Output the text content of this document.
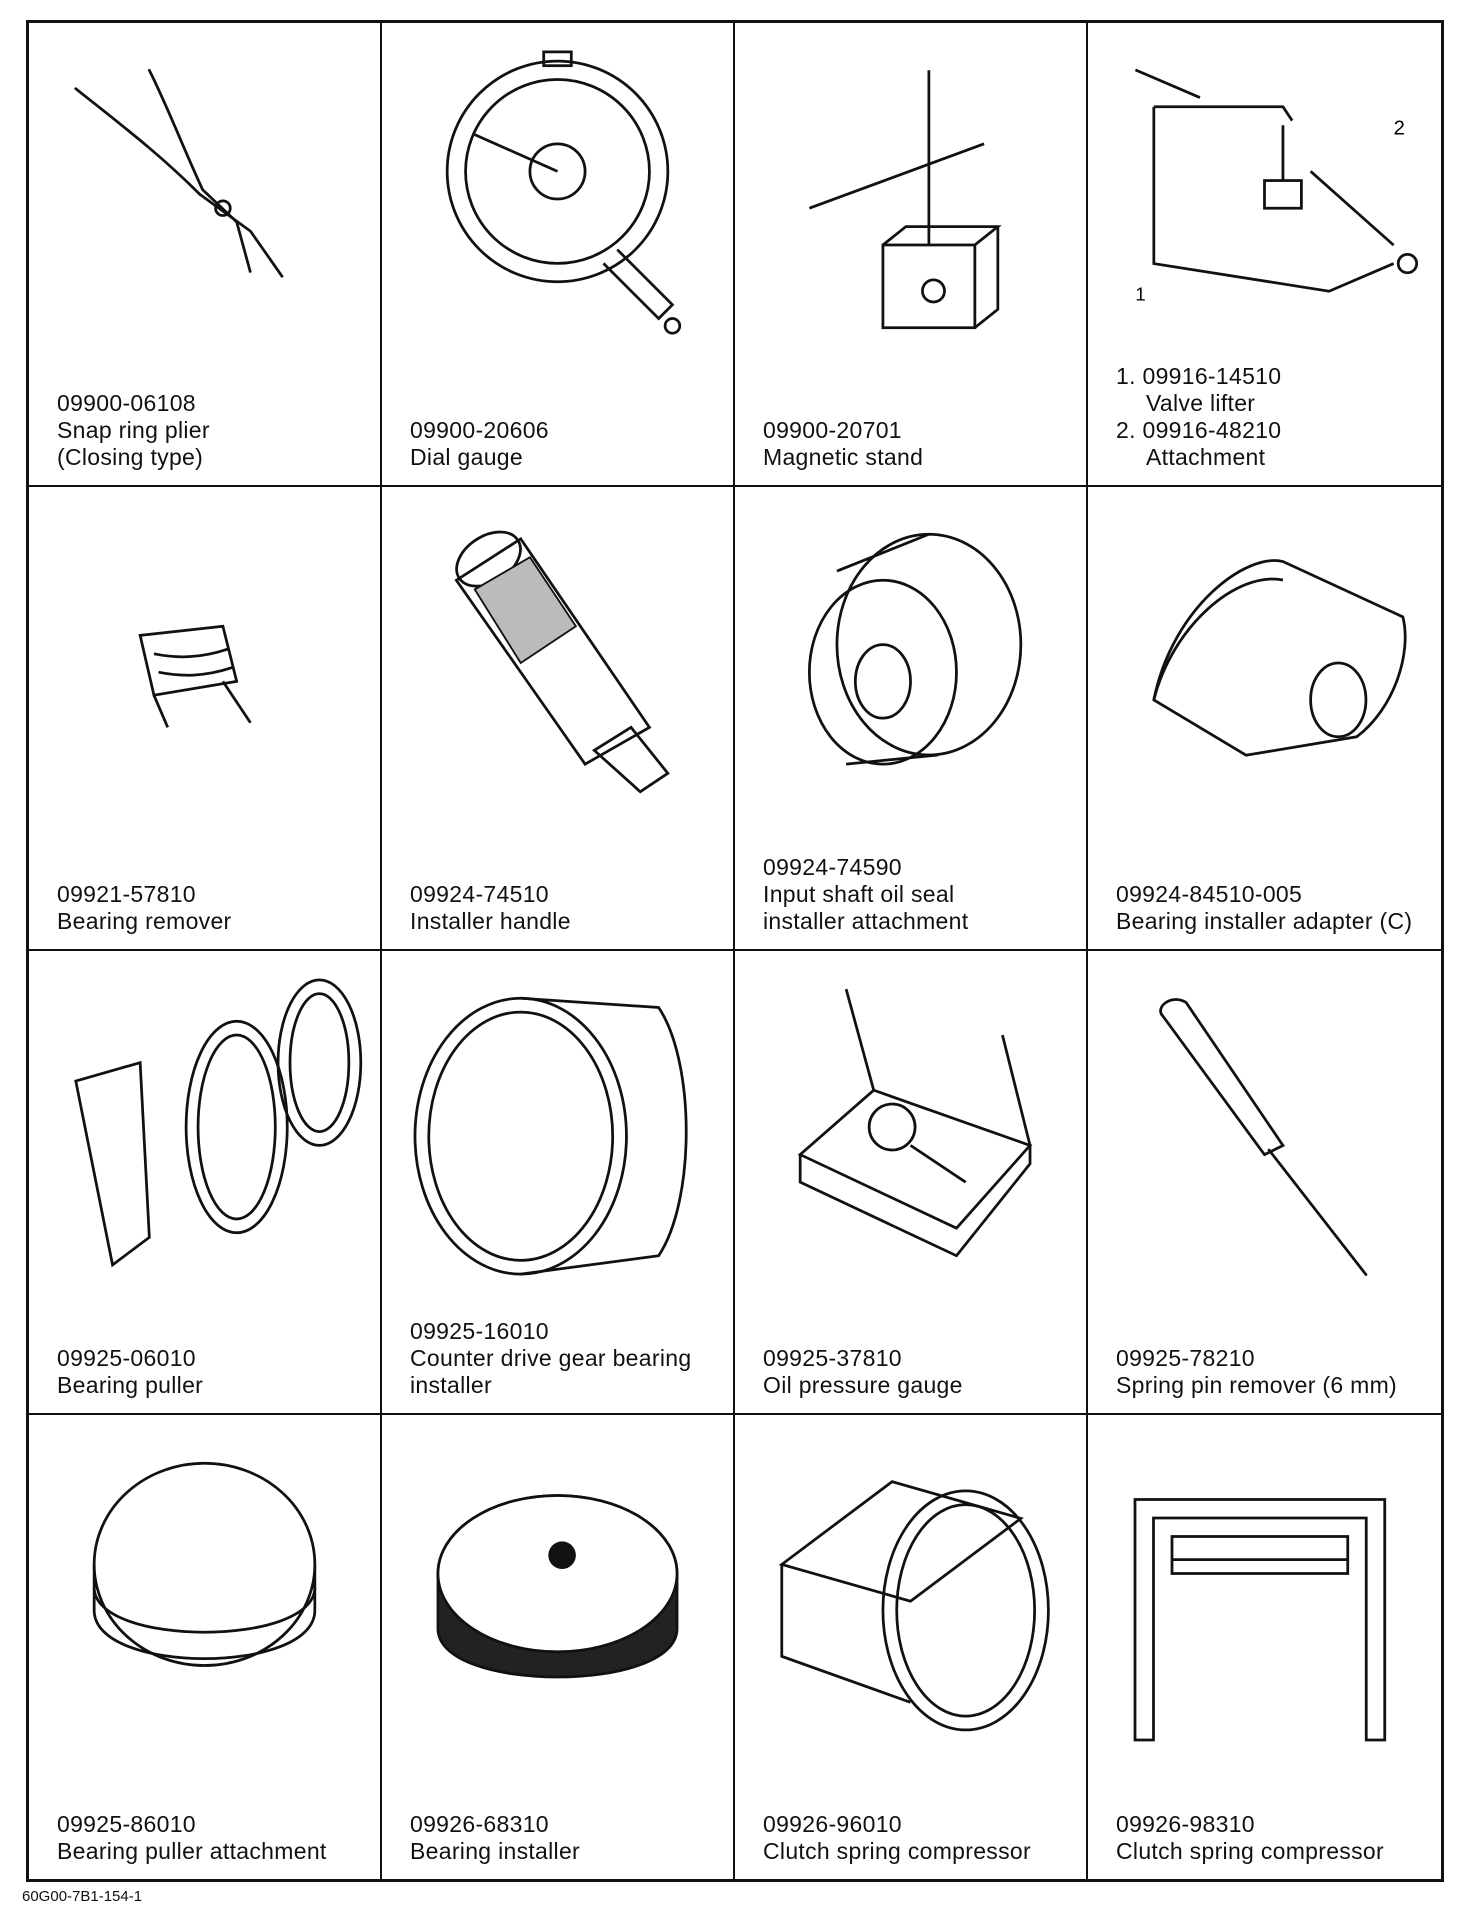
09900-06108
Snap ring plier
(Closing type)
09900-20606
Dial gauge
09900-20701
Magnetic stand
1
2
1. 09916-14510
Valve lifter
2. 09916-48210
Attachment
09921-57810
Bearing remover
09924-74510
Installer handle
09924-74590
Input shaft oil seal
installer attachment
09924-84510-005
Bearing installer adapter (C)
09925-06010
Bearing puller
09925-16010
Counter drive gear bearing
installer
09925-37810
Oil pressure gauge
09925-78210
Spring pin remover (6 mm)
09925-86010
Bearing puller attachment
09926-68310
Bearing installer
09926-96010
Clutch spring compressor
09926-98310
Clutch spring compressor
60G00-7B1-154-1
